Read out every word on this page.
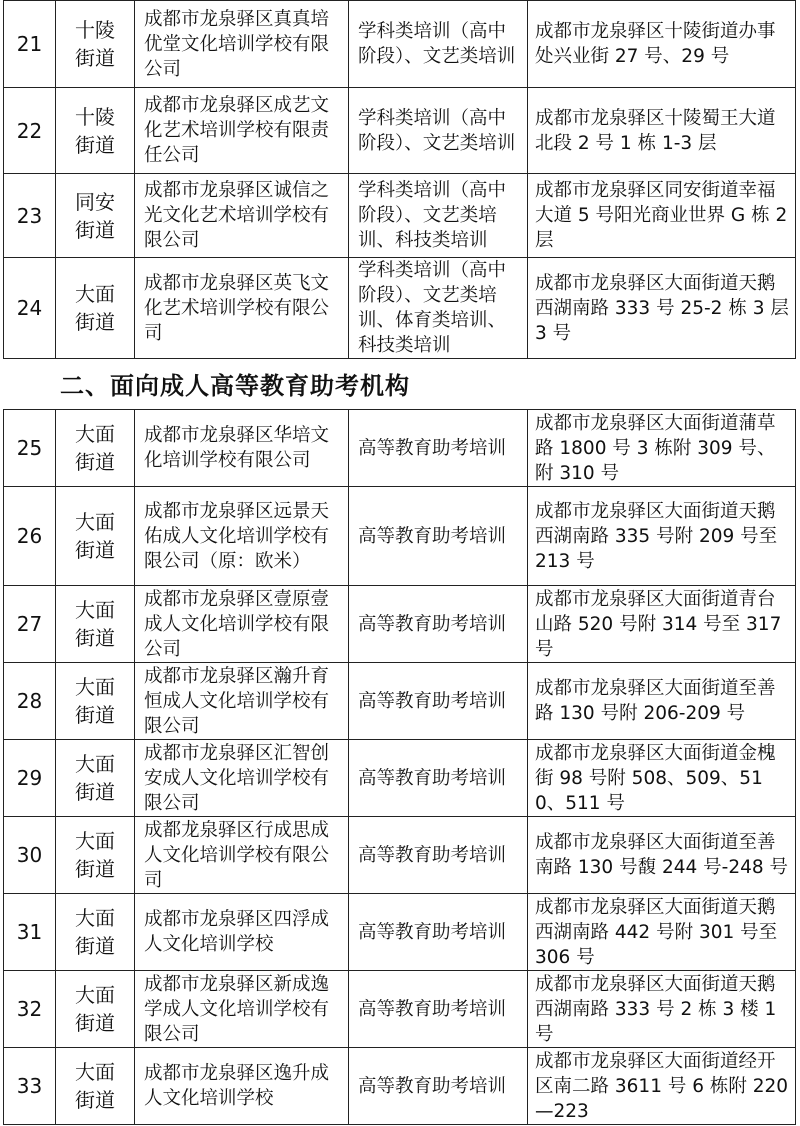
21	十陵街道	成都市龙泉驿区真真培优堂文化培训学校有限公司	学科类培训（高中阶段）、文艺类培训	成都市龙泉驿区十陵街道办事处兴业街 27 号、29 号
22	十陵街道	成都市龙泉驿区成艺文化艺术培训学校有限责任公司	学科类培训（高中阶段）、文艺类培训	成都市龙泉驿区十陵蜀王大道北段 2 号 1 栋 1-3 层
23	同安街道	成都市龙泉驿区诚信之光文化艺术培训学校有限公司	学科类培训（高中阶段）、文艺类培训、科技类培训	成都市龙泉驿区同安街道幸福大道 5 号阳光商业世界 G 栋 2 层
24	大面街道	成都市龙泉驿区英飞文化艺术培训学校有限公司	学科类培训（高中阶段）、文艺类培训、体育类培训、科技类培训	成都市龙泉驿区大面街道天鹅西湖南路 333 号 25-2 栋 3 层 3 号
二、面向成人高等教育助考机构
25	大面街道	成都市龙泉驿区华培文化培训学校有限公司	高等教育助考培训	成都市龙泉驿区大面街道蒲草路 1800 号 3 栋附 309 号、附 310 号
26	大面街道	成都市龙泉驿区远景天佑成人文化培训学校有限公司（原：欧米）	高等教育助考培训	成都市龙泉驿区大面街道天鹅西湖南路 335 号附 209 号至 213 号
27	大面街道	成都市龙泉驿区壹原壹成人文化培训学校有限公司	高等教育助考培训	成都市龙泉驿区大面街道青台山路 520 号附 314 号至 317 号
28	大面街道	成都市龙泉驿区瀚升育恒成人文化培训学校有限公司	高等教育助考培训	成都市龙泉驿区大面街道至善路 130 号附 206-209 号
29	大面街道	成都市龙泉驿区汇智创安成人文化培训学校有限公司	高等教育助考培训	成都市龙泉驿区大面街道金槐街 98 号附 508、509、510、511 号
30	大面街道	成都龙泉驿区行成思成人文化培训学校有限公司	高等教育助考培训	成都市龙泉驿区大面街道至善南路 130 号馥 244 号-248 号
31	大面街道	成都市龙泉驿区四浮成人文化培训学校	高等教育助考培训	成都市龙泉驿区大面街道天鹅西湖南路 442 号附 301 号至 306 号
32	大面街道	成都市龙泉驿区新成逸学成人文化培训学校有限公司	高等教育助考培训	成都市龙泉驿区大面街道天鹅西湖南路 333 号 2 栋 3 楼 1 号
33	大面街道	成都市龙泉驿区逸升成人文化培训学校	高等教育助考培训	成都市龙泉驿区大面街道经开区南二路 3611 号 6 栋附 220—223
